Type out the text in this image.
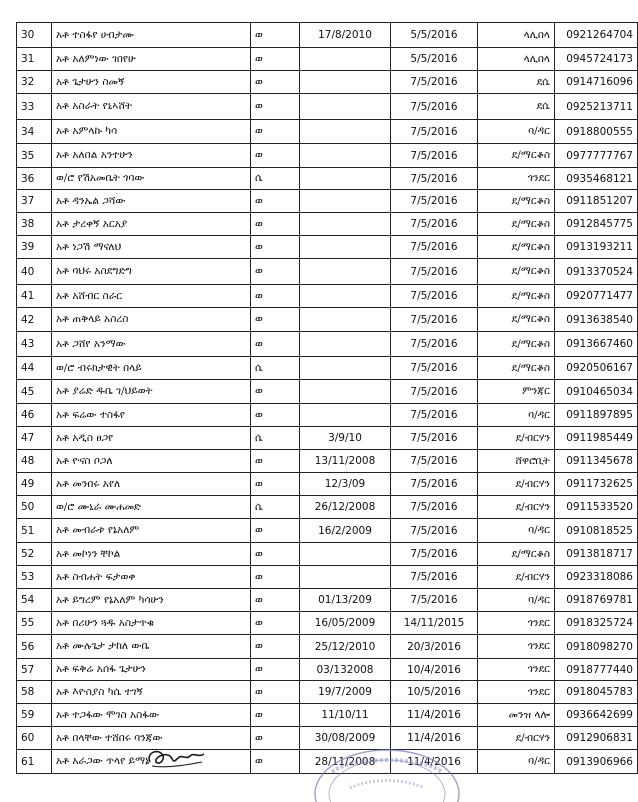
30	አቶ ተስፋየ ሀብታሙ	ወ	17/8/2010	5/5/2016	ላሊበላ	0921264704
31	አቶ አለምነው ገበየሁ	ወ		5/5/2016	ላሊበላ	0945724173
32	አቶ ጌታሁን ስመኝ	ወ		7/5/2016	ደሴ	0914716096
33	አቶ አስራት የኒኣሸት	ወ		7/5/2016	ደሴ	0925213711
34	አቶ አምላኩ ካሳ	ወ		7/5/2016	ባ/ዳር	0918800555
35	አቶ አለበል አንተሁን	ወ		7/5/2016	ደ/ማርቆስ	0977777767
36	ወ/ሮ የሽአመቤት ጎባው	ሴ		7/5/2016	ጎንደር	0935468121
37	አቶ ዳንኤል ጋሻው	ወ		7/5/2016	ደ/ማርቆስ	0911851207
38	አቶ ታረቀኝ አርአያ	ወ		7/5/2016	ደ/ማርቆስ	0912845775
39	አቶ ነጋሽ ማናለህ	ወ		7/5/2016	ደ/ማርቆስ	0913193211
40	አቶ ባህሩ አስደግድግ	ወ		7/5/2016	ደ/ማርቆስ	0913370524
41	አቶ አሸብር ስራር	ወ		7/5/2016	ደ/ማርቆስ	0920771477
42	አቶ ጠቅላይ አስረስ	ወ		7/5/2016	ደ/ማርቆስ	0913638540
43	አቶ ጋሸየ አንማው	ወ		7/5/2016	ደ/ማርቆስ	0913667460
44	ወ/ሮ ብሩክታዊት በላይ	ሴ		7/5/2016	ደ/ማርቆስ	0920506167
45	አቶ ያሬድ ዱቤ ገ/ህይወት	ወ		7/5/2016	ምንጃር	0910465034
46	አቶ ፍሬው ተስፋየ	ወ		7/5/2016	ባ/ዳር	0911897895
47	አቶ አዲስ ፀጋየ	ሴ	3/9/10	7/5/2016	ደ/ብርሃን	0911985449
48	አቶ ዮናስ ቦጋለ	ወ	13/11/2008	7/5/2016	ሸዋሮቢት	0911345678
49	አቶ መንበሩ አየለ	ወ	12/3/09	7/5/2016	ደ/ብርሃን	0911732625
50	ወ/ሮ ሙኒራ ሙሐመድ	ሴ	26/12/2008	7/5/2016	ደ/ብርሃን	0911533520
51	አቶ መብራቱ የኔአለም	ወ	16/2/2009	7/5/2016	ባ/ዳር	0910818525
52	አቶ መኮነን ቸኮል	ወ		7/5/2016	ደ/ማርቆስ	0913818717
53	አቶ ስብሐት ፍታወቀ	ወ		7/5/2016	ደ/ብርሃን	0923318086
54	አቶ ይግረም የኔአለም ካሳሁን	ወ	01/13/209	7/5/2016	ባ/ዳር	0918769781
55	አቶ በሪሁን ጓዱ አስታጥቁ	ወ	16/05/2009	14/11/2015	ጎንደር	0918325724
56	አቶ ሙሉጌታ ታከለ ውቤ	ወ	25/12/2010	20/3/2016	ጎንደር	0918098270
57	አቶ ፍቅሬ አሰፋ ጌታሁን	ወ	03/132008	10/4/2016	ጎንደር	0918777440
58	አቶ እዮስያስ ካሴ ተገኝ	ወ	19/7/2009	10/5/2016	ጎንደር	0918045783
59	አቶ ተጋፋው ሞገስ አስፋው	ወ	11/10/11	11/4/2016	መንዝ ላሎ	0936642699
60	አቶ በላቸው ተሸበሩ ባንጃው	ወ	30/08/2009	11/4/2016	ደ/ብርሃን	0912906831
61	አቶ አራጋው ጥላየ ይማኔ	ወ	28/11/2008	11/4/2016	ባ/ዳር	0913906966
